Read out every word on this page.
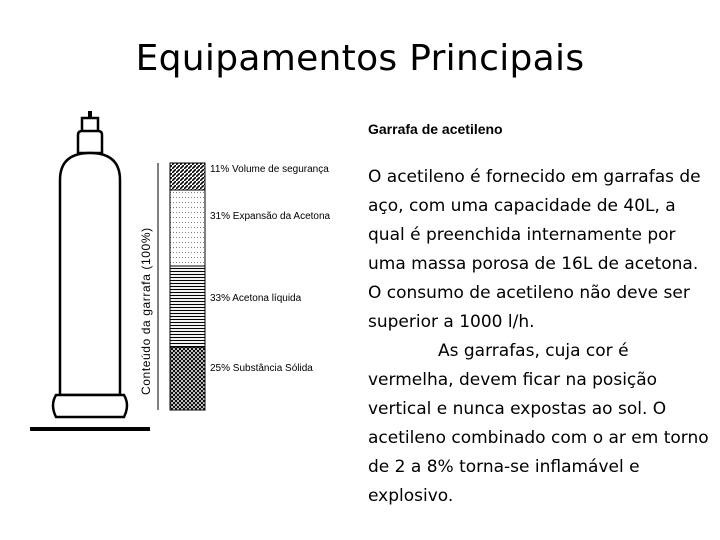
Equipamentos Principais
Garrafa de acetileno

O acetileno é fornecido em garrafas de aço, com uma capacidade de 40L, a qual é preenchida internamente por uma massa porosa de 16L de acetona. O consumo de acetileno não deve ser superior a 1000 l/h.

As garrafas, cuja cor é vermelha, devem ficar na posição vertical e nunca expostas ao sol. O acetileno combinado com o ar em torno de 2 a 8% torna-se inflamável e explosivo.

Conteúdo da garrafa (100%)
11% Volume de segurança
31% Expansão da Acetona
33% Acetona líquida
25% Substância Sólida
